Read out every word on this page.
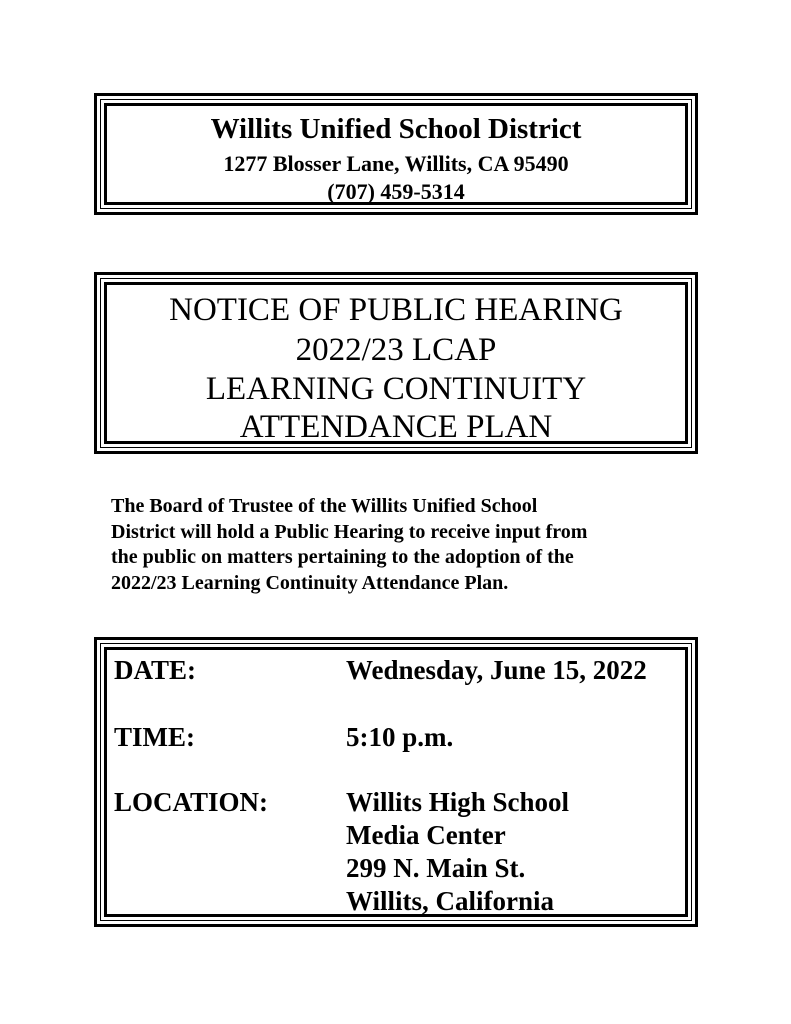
Willits Unified School District
1277 Blosser Lane, Willits, CA 95490
(707) 459-5314
NOTICE OF PUBLIC HEARING
2022/23 LCAP
LEARNING CONTINUITY
ATTENDANCE PLAN
The Board of Trustee of the Willits Unified School
District will hold a Public Hearing to receive input from
the public on matters pertaining to the adoption of the
2022/23 Learning Continuity Attendance Plan.
DATE:	Wednesday, June 15, 2022
TIME:	5:10 p.m.
LOCATION:	Willits High School
Media Center
299 N. Main St.
Willits, California
